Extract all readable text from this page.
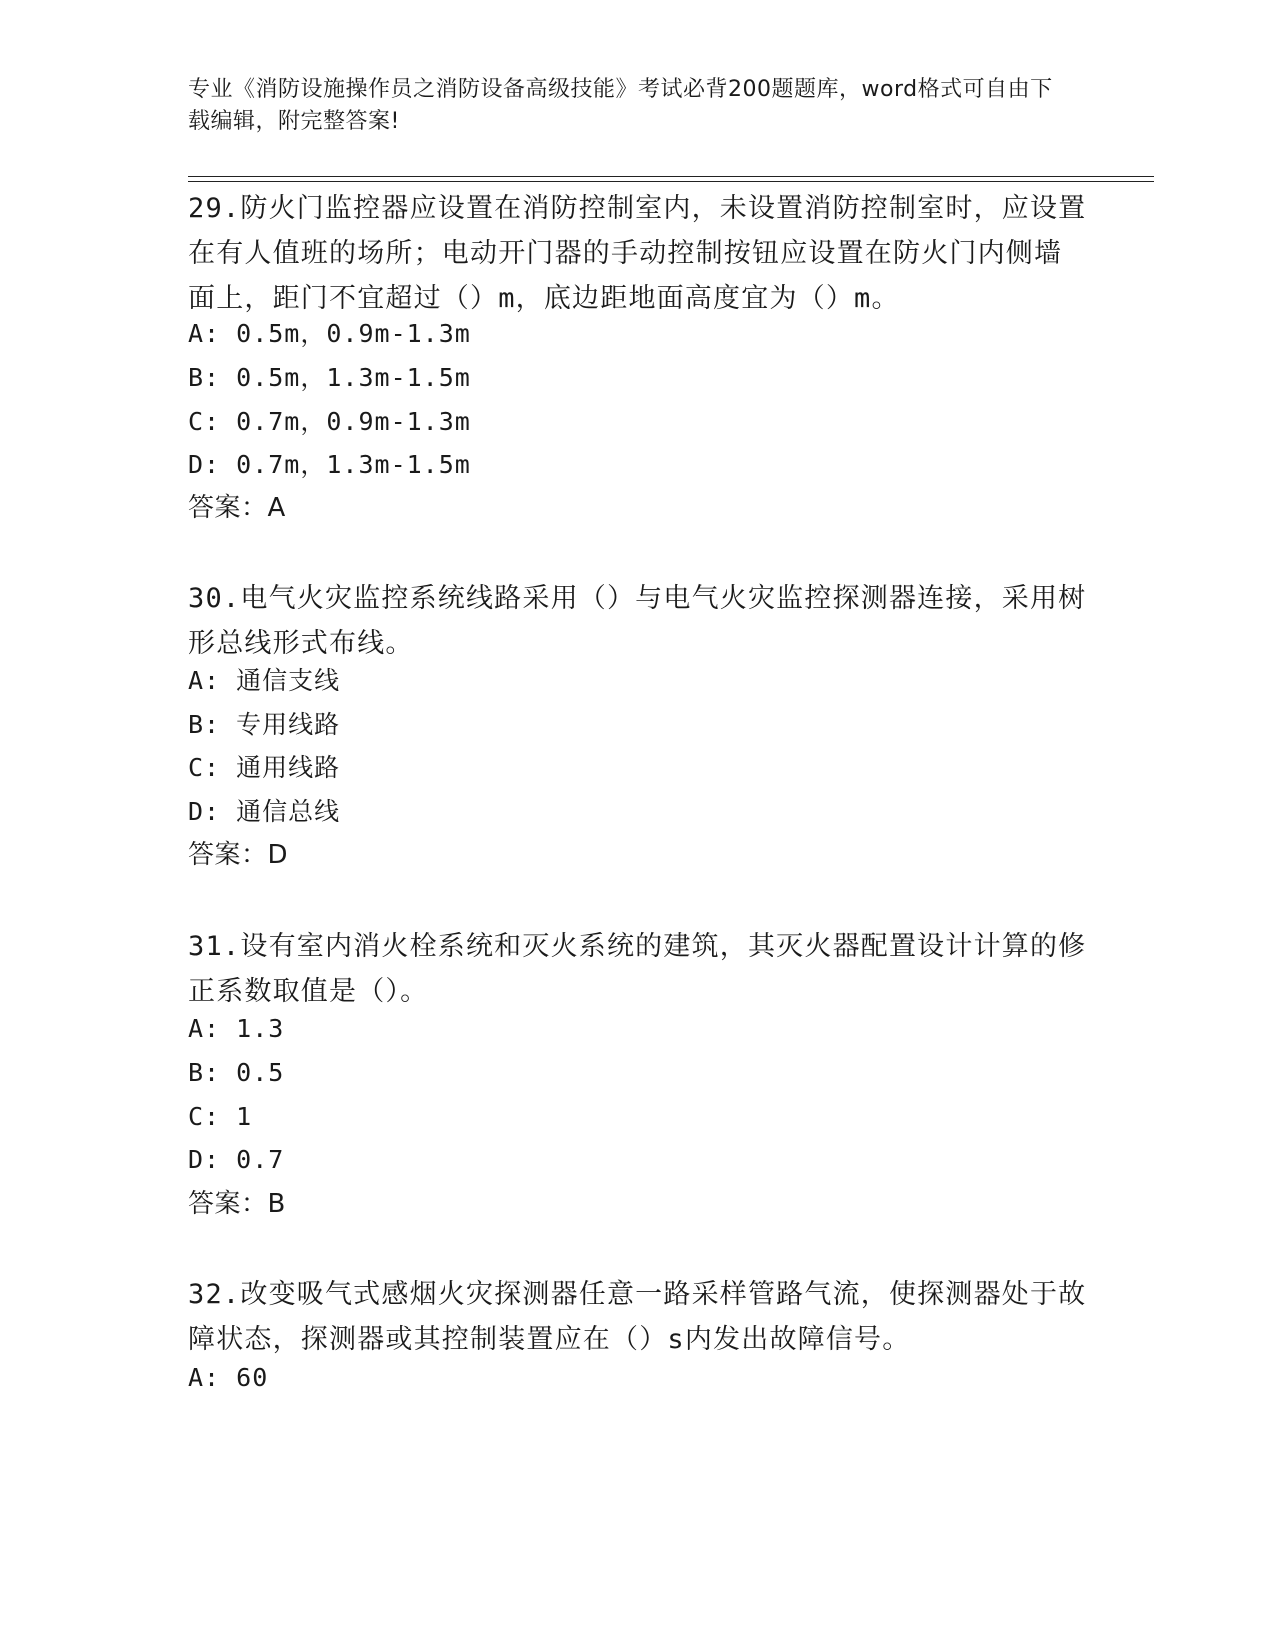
专业《消防设施操作员之消防设备高级技能》考试必背200题题库，word格式可自由下载编辑，附完整答案!
29.防火门监控器应设置在消防控制室内，未设置消防控制室时，应设置在有人值班的场所；电动开门器的手动控制按钮应设置在防火门内侧墙面上，距门不宜超过（）m，底边距地面高度宜为（）m。
A: 0.5m，0.9m-1.3m
B: 0.5m，1.3m-1.5m
C: 0.7m，0.9m-1.3m
D: 0.7m，1.3m-1.5m
答案：A
30.电气火灾监控系统线路采用（）与电气火灾监控探测器连接，采用树形总线形式布线。
A: 通信支线
B: 专用线路
C: 通用线路
D: 通信总线
答案：D
31.设有室内消火栓系统和灭火系统的建筑，其灭火器配置设计计算的修正系数取值是（）。
A: 1.3
B: 0.5
C: 1
D: 0.7
答案：B
32.改变吸气式感烟火灾探测器任意一路采样管路气流，使探测器处于故障状态，探测器或其控制装置应在（）s内发出故障信号。
A: 60
